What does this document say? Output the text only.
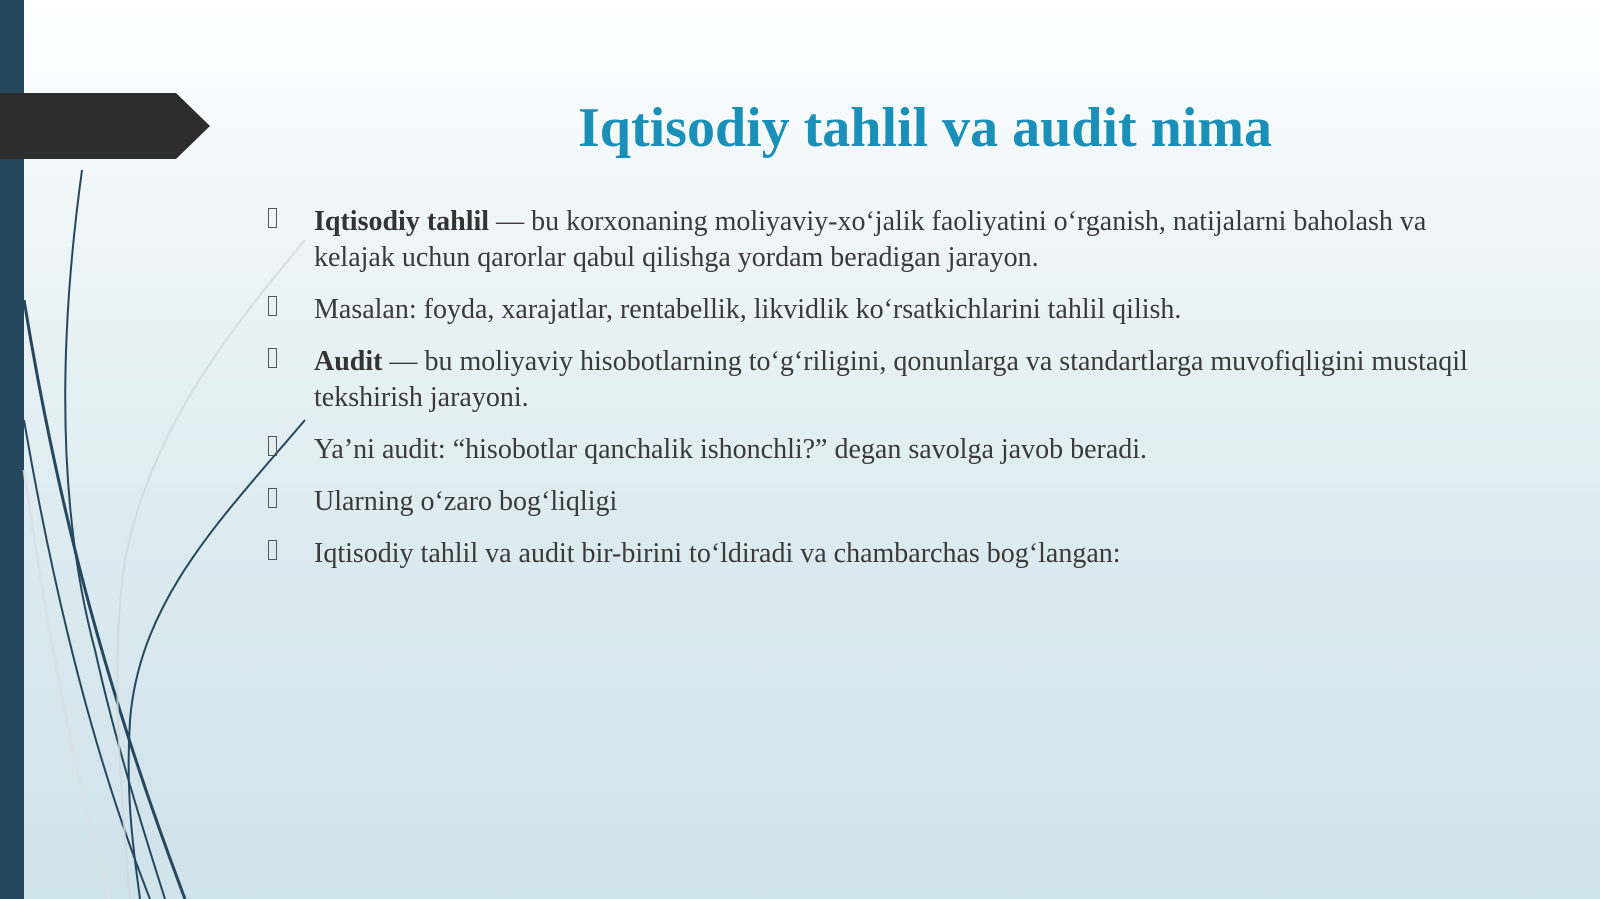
Iqtisodiy tahlil va audit nima
Iqtisodiy tahlil — bu korxonaning moliyaviy-xo‘jalik faoliyatini o‘rganish, natijalarni baholash va kelajak uchun qarorlar qabul qilishga yordam beradigan jarayon.
Masalan: foyda, xarajatlar, rentabellik, likvidlik ko‘rsatkichlarini tahlil qilish.
Audit — bu moliyaviy hisobotlarning to‘g‘riligini, qonunlarga va standartlarga muvofiqligini mustaqil tekshirish jarayoni.
Ya’ni audit: “hisobotlar qanchalik ishonchli?” degan savolga javob beradi.
Ularning o‘zaro bog‘liqligi
Iqtisodiy tahlil va audit bir-birini to‘ldiradi va chambarchas bog‘langan:
